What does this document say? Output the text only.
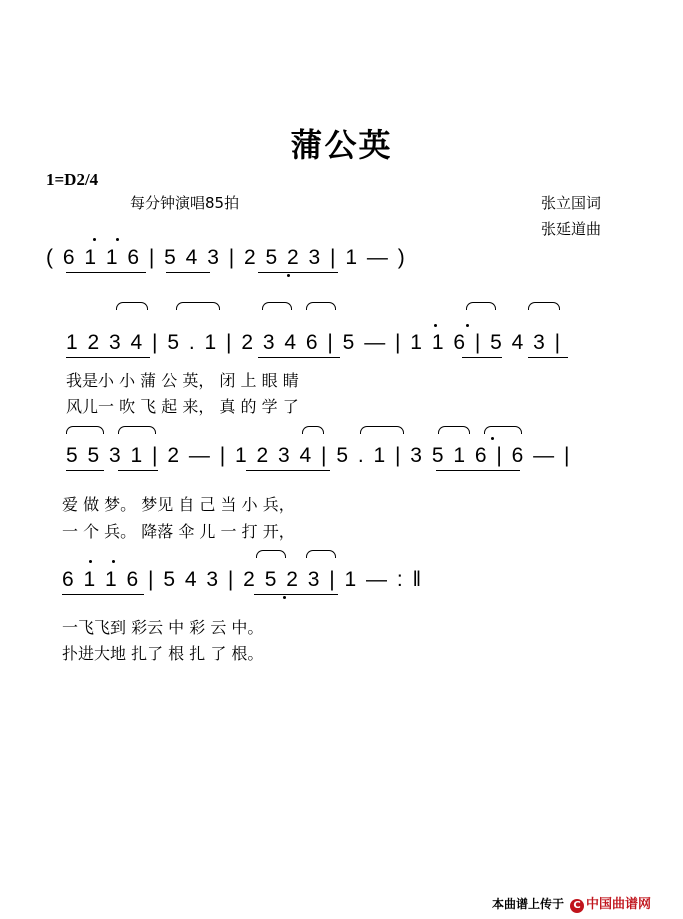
蒲公英
1=D2/4
每分钟演唱85拍	张立国词
张延道曲
( 6 1 1 6 | 5 4 3 | 2 5 2 3 | 1 — )
1 2 3 4 | 5 . 1 | 2 3 4 6 | 5 — | 1 1 6 | 5 4 3 |
我是小 小 蒲 公 英， 闭 上 眼 睛
风儿一 吹 飞 起 来， 真 的 学 了
5 5 3 1 | 2 — | 1 2 3 4 | 5 . 1 | 3 5 1 6 | 6 — |
爱 做 梦。 梦见 自 己 当 小 兵，
一 个 兵。 降落 伞 儿 一 打 开，
6 1 1 6 | 5 4 3 | 2 5 2 3 | 1 — : ‖
一飞飞到 彩云 中 彩 云 中。
扑进大地 扎了 根 扎 了 根。
本曲谱上传于 C 中国曲谱网
